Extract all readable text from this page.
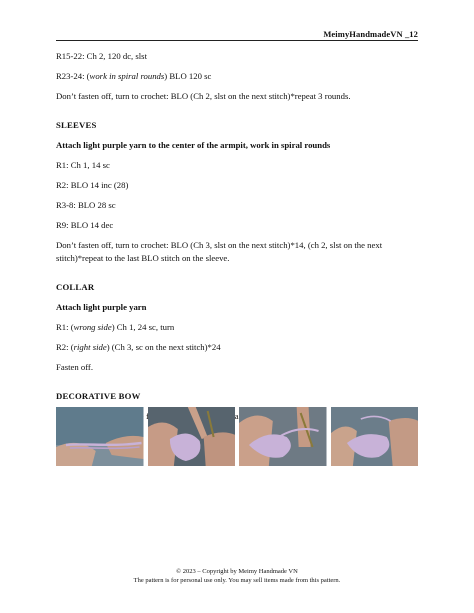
MeimyHandmadeVN _12

R15-22: Ch 2, 120 dc, slst

R23-24: (work in spiral rounds) BLO 120 sc

Don’t fasten off, turn to crochet: BLO (Ch 2, slst on the next stitch)*repeat 3 rounds.

SLEEVES

Attach light purple yarn to the center of the armpit, work in spiral rounds

R1: Ch 1, 14 sc

R2: BLO 14 inc (28)

R3-8: BLO 28 sc

R9: BLO 14 dec

Don’t fasten off, turn to crochet: BLO (Ch 3, slst on the next stitch)*14, (ch 2, slst on the next stitch)*repeat to the last BLO stitch on the sleeve.

COLLAR

Attach light purple yarn

R1: (wrong side) Ch 1, 24 sc, turn

R2: (right side) (Ch 3, sc on the next stitch)*24

Fasten off.

DECORATIVE BOW

a

© 2023 – Copyright by Meimy Handmade VN
The pattern is for personal use only. You may sell items made from this pattern.
